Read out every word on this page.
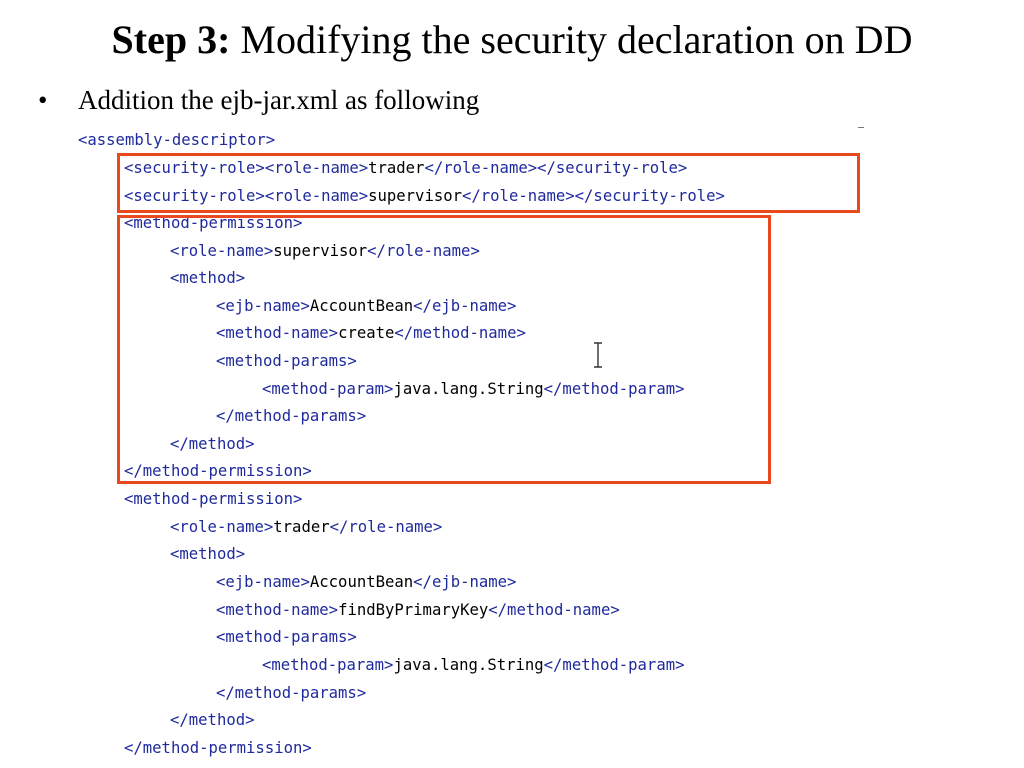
Step 3: Modifying the security declaration on DD
• Addition the ejb-jar.xml as following
<assembly-descriptor>
<security-role><role-name>trader</role-name></security-role>
<security-role><role-name>supervisor</role-name></security-role>
<method-permission>
<role-name>supervisor</role-name>
<method>
<ejb-name>AccountBean</ejb-name>
<method-name>create</method-name>
<method-params>
<method-param>java.lang.String</method-param>
</method-params>
</method>
</method-permission>
<method-permission>
<role-name>trader</role-name>
<method>
<ejb-name>AccountBean</ejb-name>
<method-name>findByPrimaryKey</method-name>
<method-params>
<method-param>java.lang.String</method-param>
</method-params>
</method>
</method-permission>
